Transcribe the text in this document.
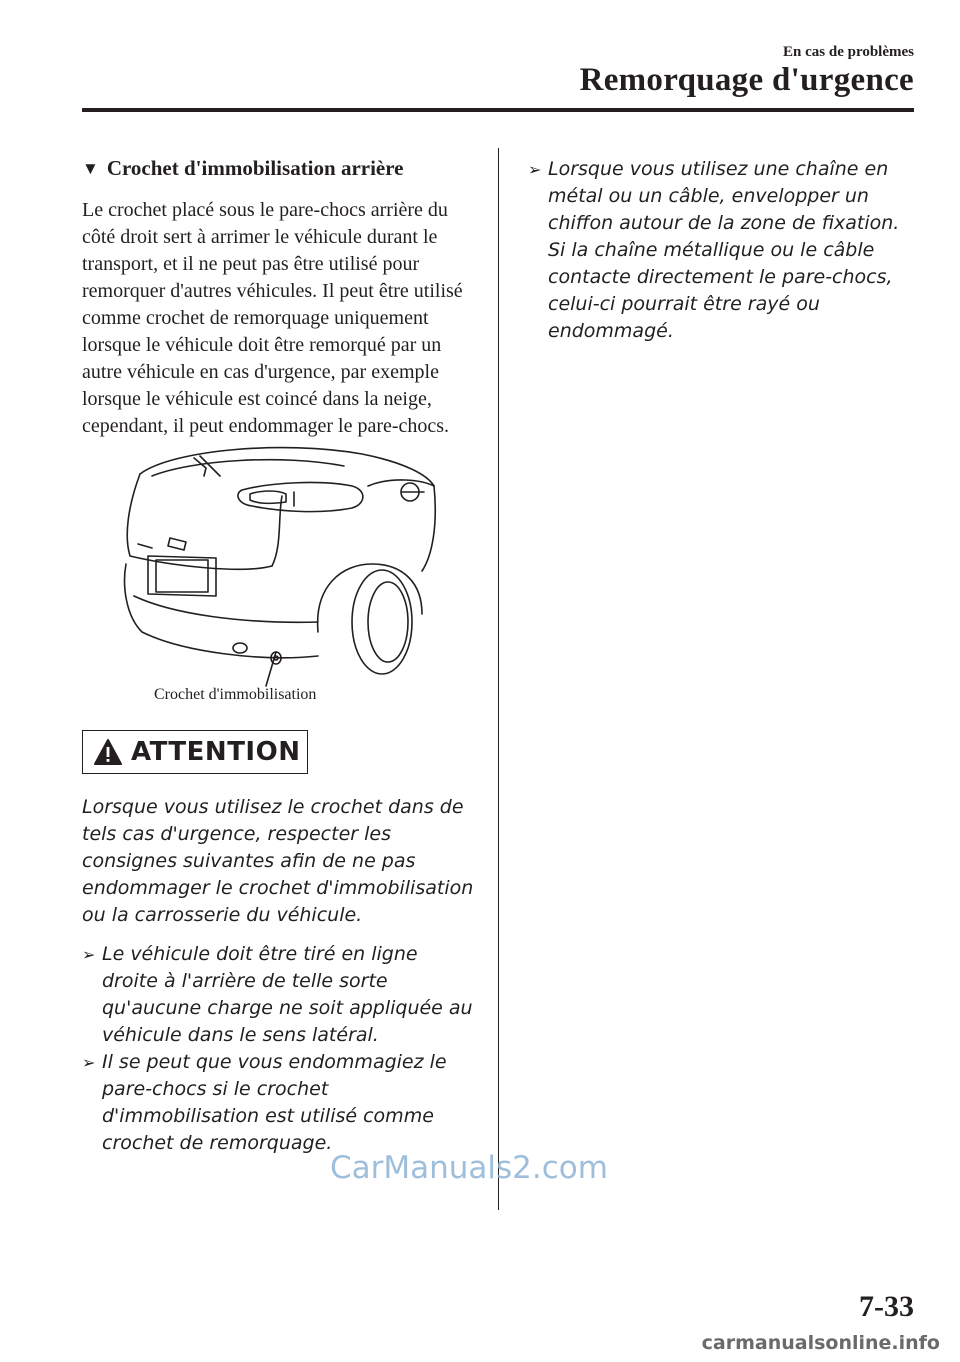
En cas de problèmes
Remorquage d'urgence
▼ Crochet d'immobilisation arrière

Le crochet placé sous le pare-chocs arrière du côté droit sert à arrimer le véhicule durant le transport, et il ne peut pas être utilisé pour remorquer d'autres véhicules. Il peut être utilisé comme crochet de remorquage uniquement lorsque le véhicule doit être remorqué par un autre véhicule en cas d'urgence, par exemple lorsque le véhicule est coincé dans la neige, cependant, il peut endommager le pare-chocs.

Crochet d'immobilisation
ATTENTION

Lorsque vous utilisez le crochet dans de tels cas d'urgence, respecter les consignes suivantes afin de ne pas endommager le crochet d'immobilisation ou la carrosserie du véhicule.

➢ Le véhicule doit être tiré en ligne droite à l'arrière de telle sorte qu'aucune charge ne soit appliquée au véhicule dans le sens latéral.
➢ Il se peut que vous endommagiez le pare-chocs si le crochet d'immobilisation est utilisé comme crochet de remorquage.
➢ Lorsque vous utilisez une chaîne en métal ou un câble, envelopper un chiffon autour de la zone de fixation. Si la chaîne métallique ou le câble contacte directement le pare-chocs, celui-ci pourrait être rayé ou endommagé.
CarManuals2.com
7-33
carmanualsonline.info
